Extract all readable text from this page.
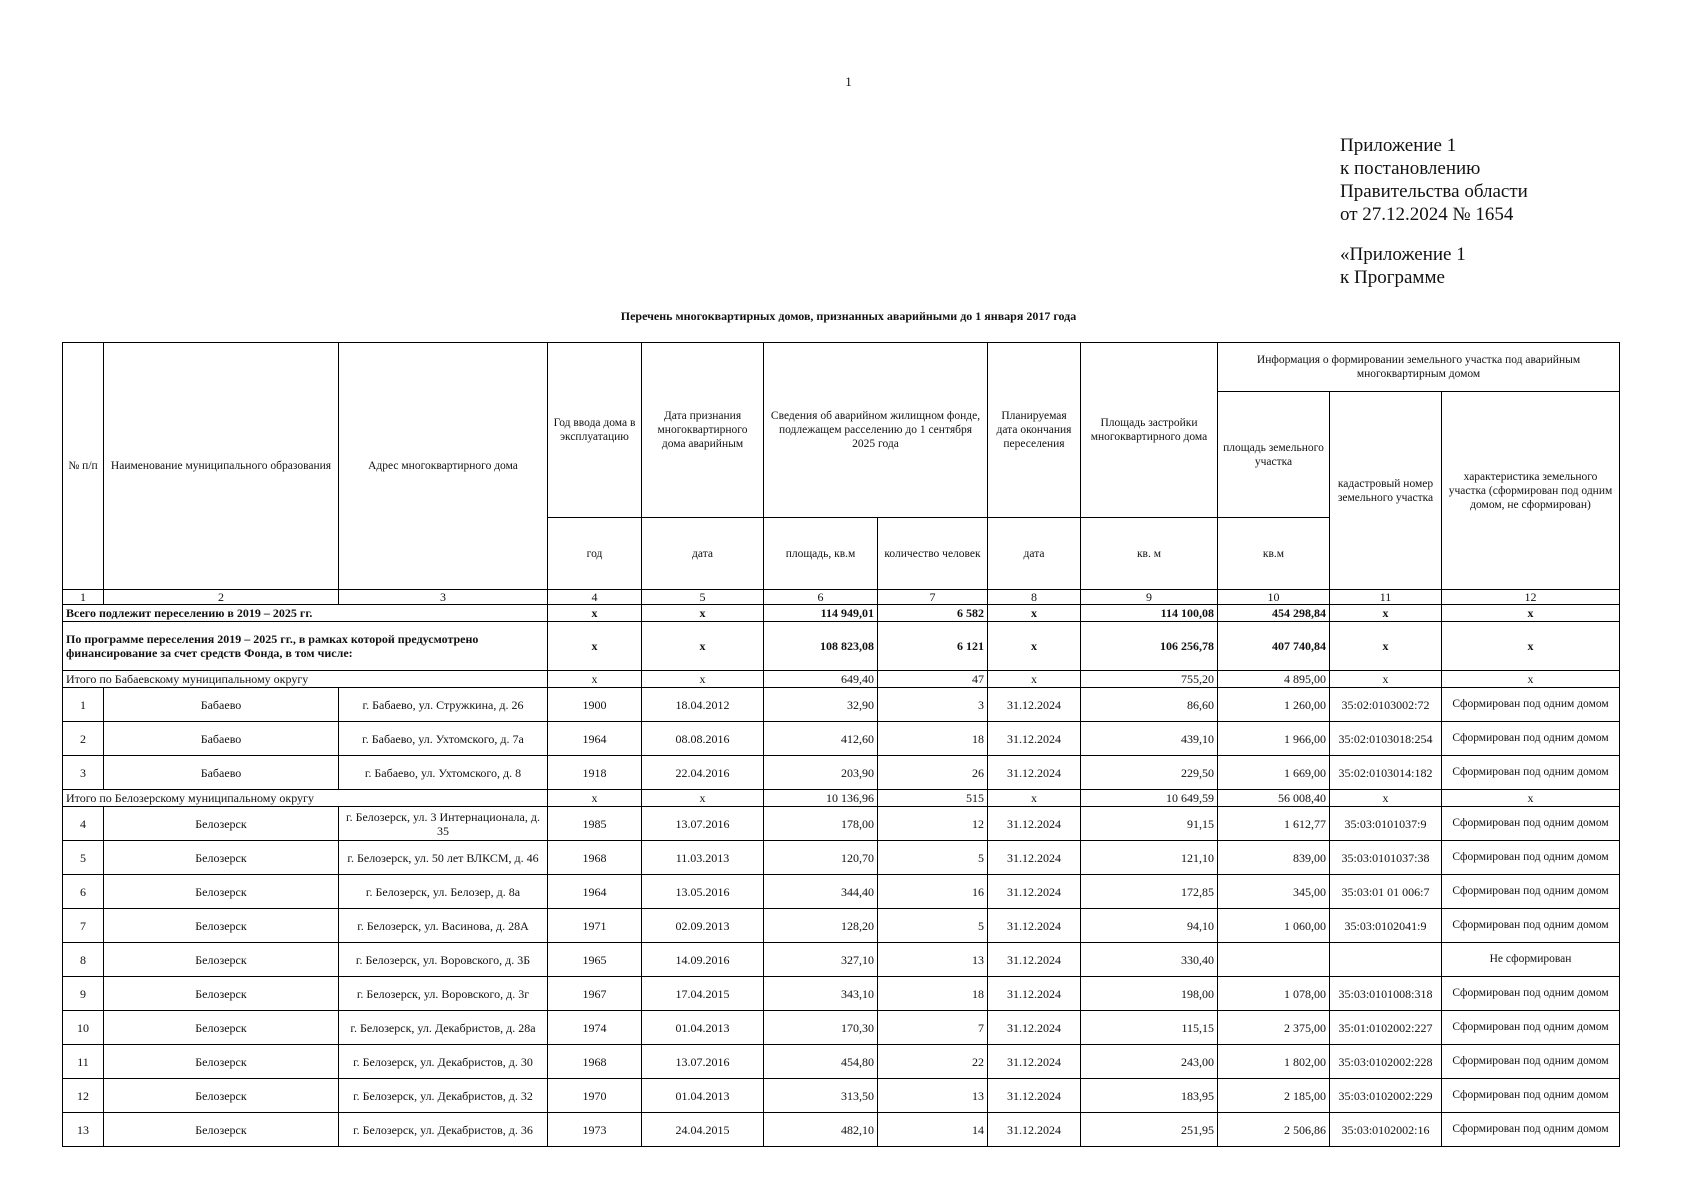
1
Приложение 1
к постановлению
Правительства области
от 27.12.2024 № 1654
«Приложение 1
к Программе
Перечень многоквартирных домов, признанных аварийными до 1 января 2017 года
№ п/п	Наименование муниципального образования	Адрес многоквартирного дома	Год ввода дома в эксплуатацию	Дата признания многоквартирного дома аварийным	Сведения об аварийном жилищном фонде, подлежащем расселению до 1 сентября 2025 года		Планируемая дата окончания переселения	Площадь застройки многоквартирного дома	Информация о формировании земельного участка под аварийным многоквартирным домом		
									площадь земельного участка	кадастровый номер земельного участка	характеристика земельного участка (сформирован под одним домом, не сформирован)
			год	дата	площадь, кв.м	количество человек	дата	кв. м	кв.м		
1	2	3	4	5	6	7	8	9	10	11	12
Всего подлежит переселению в 2019 – 2025 гг.			х	х	114 949,01	6 582	х	114 100,08	454 298,84	х	х
По программе переселения 2019 – 2025 гг., в рамках которой предусмотрено финансирование за счет средств Фонда, в том числе:			х	х	108 823,08	6 121	х	106 256,78	407 740,84	х	х
Итого по Бабаевскому муниципальному округу			х	х	649,40	47	х	755,20	4 895,00	х	х
1	Бабаево	г. Бабаево, ул. Стружкина, д. 26	1900	18.04.2012	32,90	3	31.12.2024	86,60	1 260,00	35:02:0103002:72	Сформирован под одним домом
2	Бабаево	г. Бабаево, ул. Ухтомского, д. 7а	1964	08.08.2016	412,60	18	31.12.2024	439,10	1 966,00	35:02:0103018:254	Сформирован под одним домом
3	Бабаево	г. Бабаево, ул. Ухтомского, д. 8	1918	22.04.2016	203,90	26	31.12.2024	229,50	1 669,00	35:02:0103014:182	Сформирован под одним домом
Итого по Белозерскому муниципальному округу			х	х	10 136,96	515	х	10 649,59	56 008,40	х	х
4	Белозерск	г. Белозерск, ул. 3 Интернационала, д. 35	1985	13.07.2016	178,00	12	31.12.2024	91,15	1 612,77	35:03:0101037:9	Сформирован под одним домом
5	Белозерск	г. Белозерск, ул. 50 лет ВЛКСМ, д. 46	1968	11.03.2013	120,70	5	31.12.2024	121,10	839,00	35:03:0101037:38	Сформирован под одним домом
6	Белозерск	г. Белозерск, ул. Белозер, д. 8а	1964	13.05.2016	344,40	16	31.12.2024	172,85	345,00	35:03:01 01 006:7	Сформирован под одним домом
7	Белозерск	г. Белозерск, ул. Васинова, д. 28А	1971	02.09.2013	128,20	5	31.12.2024	94,10	1 060,00	35:03:0102041:9	Сформирован под одним домом
8	Белозерск	г. Белозерск, ул. Воровского, д. 3Б	1965	14.09.2016	327,10	13	31.12.2024	330,40			Не сформирован
9	Белозерск	г. Белозерск, ул. Воровского, д. 3г	1967	17.04.2015	343,10	18	31.12.2024	198,00	1 078,00	35:03:0101008:318	Сформирован под одним домом
10	Белозерск	г. Белозерск, ул. Декабристов, д. 28а	1974	01.04.2013	170,30	7	31.12.2024	115,15	2 375,00	35:01:0102002:227	Сформирован под одним домом
11	Белозерск	г. Белозерск, ул. Декабристов, д. 30	1968	13.07.2016	454,80	22	31.12.2024	243,00	1 802,00	35:03:0102002:228	Сформирован под одним домом
12	Белозерск	г. Белозерск, ул. Декабристов, д. 32	1970	01.04.2013	313,50	13	31.12.2024	183,95	2 185,00	35:03:0102002:229	Сформирован под одним домом
13	Белозерск	г. Белозерск, ул. Декабристов, д. 36	1973	24.04.2015	482,10	14	31.12.2024	251,95	2 506,86	35:03:0102002:16	Сформирован под одним домом
